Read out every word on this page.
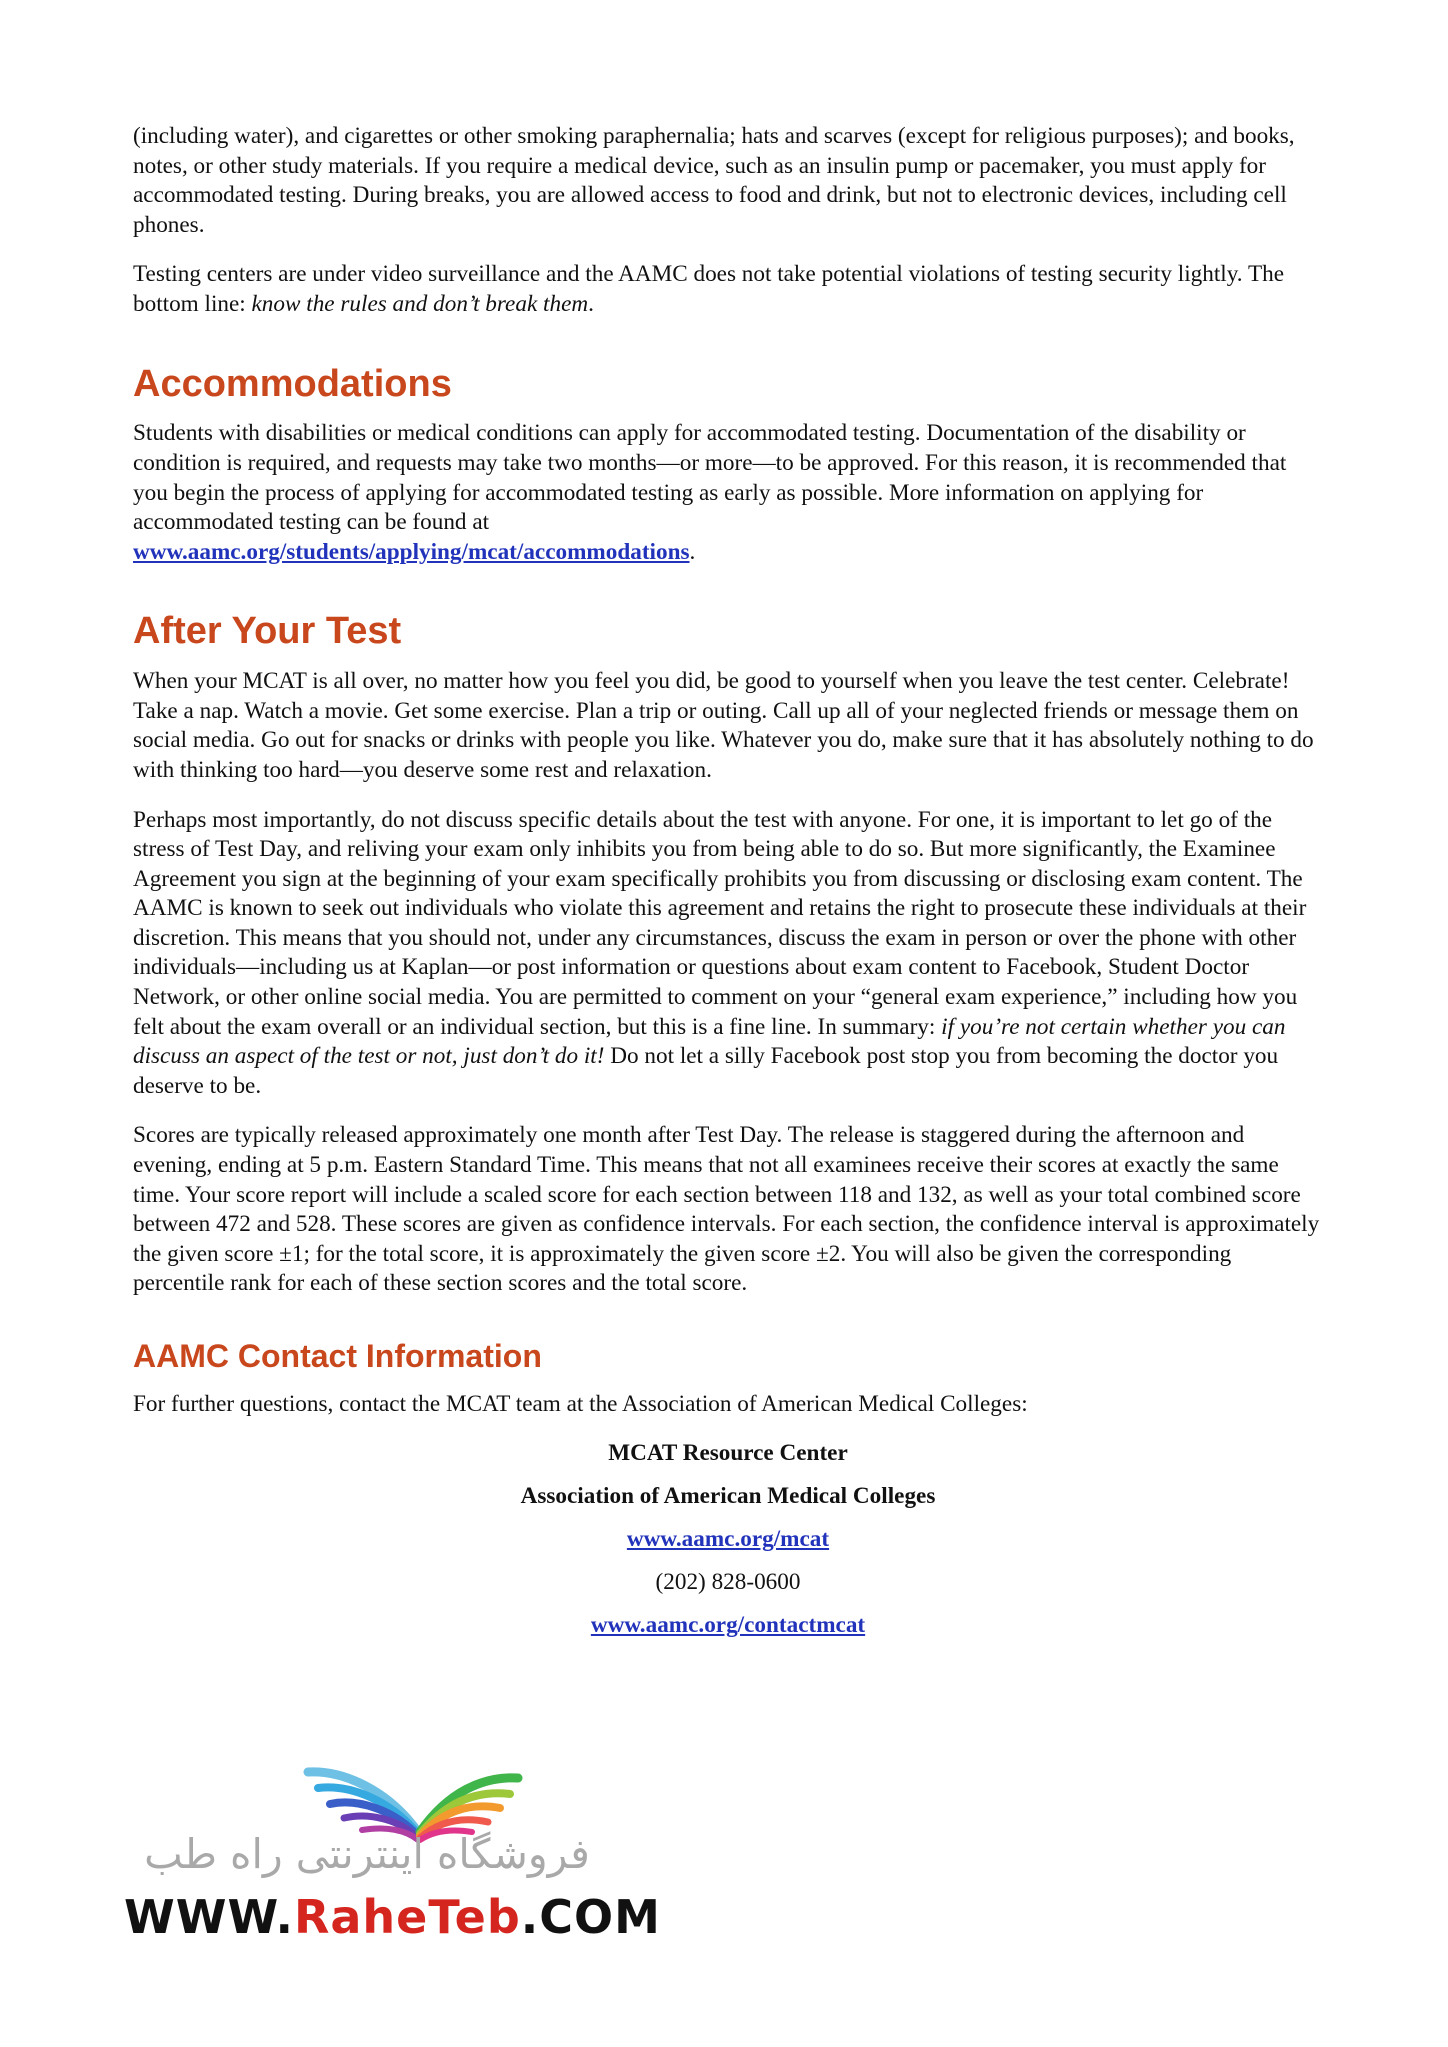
(including water), and cigarettes or other smoking paraphernalia; hats and scarves (except for religious purposes); and books, notes, or other study materials. If you require a medical device, such as an insulin pump or pacemaker, you must apply for accommodated testing. During breaks, you are allowed access to food and drink, but not to electronic devices, including cell phones.

Testing centers are under video surveillance and the AAMC does not take potential violations of testing security lightly. The bottom line: know the rules and don’t break them.

Accommodations

Students with disabilities or medical conditions can apply for accommodated testing. Documentation of the disability or condition is required, and requests may take two months—or more—to be approved. For this reason, it is recommended that you begin the process of applying for accommodated testing as early as possible. More information on applying for accommodated testing can be found at
www.aamc.org/students/applying/mcat/accommodations.

After Your Test

When your MCAT is all over, no matter how you feel you did, be good to yourself when you leave the test center. Celebrate! Take a nap. Watch a movie. Get some exercise. Plan a trip or outing. Call up all of your neglected friends or message them on social media. Go out for snacks or drinks with people you like. Whatever you do, make sure that it has absolutely nothing to do with thinking too hard—you deserve some rest and relaxation.

Perhaps most importantly, do not discuss specific details about the test with anyone. For one, it is important to let go of the stress of Test Day, and reliving your exam only inhibits you from being able to do so. But more significantly, the Examinee Agreement you sign at the beginning of your exam specifically prohibits you from discussing or disclosing exam content. The AAMC is known to seek out individuals who violate this agreement and retains the right to prosecute these individuals at their discretion. This means that you should not, under any circumstances, discuss the exam in person or over the phone with other individuals—including us at Kaplan—or post information or questions about exam content to Facebook, Student Doctor Network, or other online social media. You are permitted to comment on your “general exam experience,” including how you felt about the exam overall or an individual section, but this is a fine line. In summary: if you’re not certain whether you can discuss an aspect of the test or not, just don’t do it! Do not let a silly Facebook post stop you from becoming the doctor you deserve to be.

Scores are typically released approximately one month after Test Day. The release is staggered during the afternoon and evening, ending at 5 p.m. Eastern Standard Time. This means that not all examinees receive their scores at exactly the same time. Your score report will include a scaled score for each section between 118 and 132, as well as your total combined score between 472 and 528. These scores are given as confidence intervals. For each section, the confidence interval is approximately the given score ±1; for the total score, it is approximately the given score ±2. You will also be given the corresponding percentile rank for each of these section scores and the total score.

AAMC Contact Information

For further questions, contact the MCAT team at the Association of American Medical Colleges:

MCAT Resource Center
Association of American Medical Colleges
www.aamc.org/mcat
(202) 828-0600
www.aamc.org/contactmcat
فروشگاه اینترنتی راه طب
WWW.RaheTeb.COM
